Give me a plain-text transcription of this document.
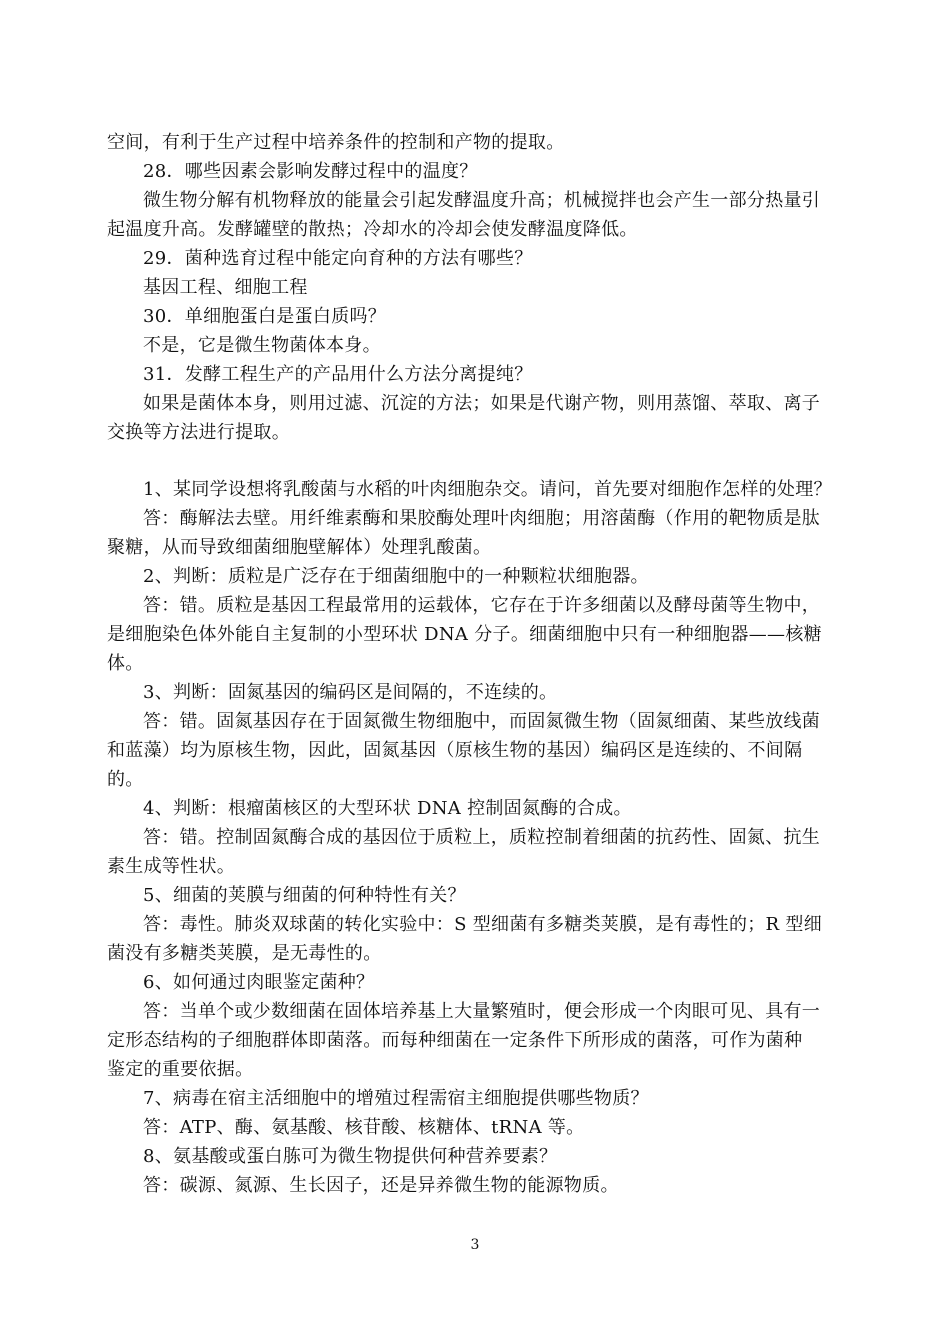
空间，有利于生产过程中培养条件的控制和产物的提取。
28．哪些因素会影响发酵过程中的温度？
微生物分解有机物释放的能量会引起发酵温度升高；机械搅拌也会产生一部分热量引
起温度升高。发酵罐壁的散热；冷却水的冷却会使发酵温度降低。
29．菌种选育过程中能定向育种的方法有哪些？
基因工程、细胞工程
30．单细胞蛋白是蛋白质吗？
不是，它是微生物菌体本身。
31．发酵工程生产的产品用什么方法分离提纯？
如果是菌体本身，则用过滤、沉淀的方法；如果是代谢产物，则用蒸馏、萃取、离子
交换等方法进行提取。
1、某同学设想将乳酸菌与水稻的叶肉细胞杂交。请问，首先要对细胞作怎样的处理？
答：酶解法去壁。用纤维素酶和果胶酶处理叶肉细胞；用溶菌酶（作用的靶物质是肽
聚糖，从而导致细菌细胞壁解体）处理乳酸菌。
2、判断：质粒是广泛存在于细菌细胞中的一种颗粒状细胞器。
答：错。质粒是基因工程最常用的运载体，它存在于许多细菌以及酵母菌等生物中，
是细胞染色体外能自主复制的小型环状 DNA 分子。细菌细胞中只有一种细胞器——核糖
体。
3、判断：固氮基因的编码区是间隔的，不连续的。
答：错。固氮基因存在于固氮微生物细胞中，而固氮微生物（固氮细菌、某些放线菌
和蓝藻）均为原核生物，因此，固氮基因（原核生物的基因）编码区是连续的、不间隔
的。
4、判断：根瘤菌核区的大型环状 DNA 控制固氮酶的合成。
答：错。控制固氮酶合成的基因位于质粒上，质粒控制着细菌的抗药性、固氮、抗生
素生成等性状。
5、细菌的荚膜与细菌的何种特性有关？
答：毒性。肺炎双球菌的转化实验中：S 型细菌有多糖类荚膜，是有毒性的；R 型细
菌没有多糖类荚膜，是无毒性的。
6、如何通过肉眼鉴定菌种？
答：当单个或少数细菌在固体培养基上大量繁殖时，便会形成一个肉眼可见、具有一
定形态结构的子细胞群体即菌落。而每种细菌在一定条件下所形成的菌落，可作为菌种
鉴定的重要依据。
7、病毒在宿主活细胞中的增殖过程需宿主细胞提供哪些物质？
答：ATP、酶、氨基酸、核苷酸、核糖体、tRNA 等。
8、氨基酸或蛋白胨可为微生物提供何种营养要素？
答：碳源、氮源、生长因子，还是异养微生物的能源物质。
3
